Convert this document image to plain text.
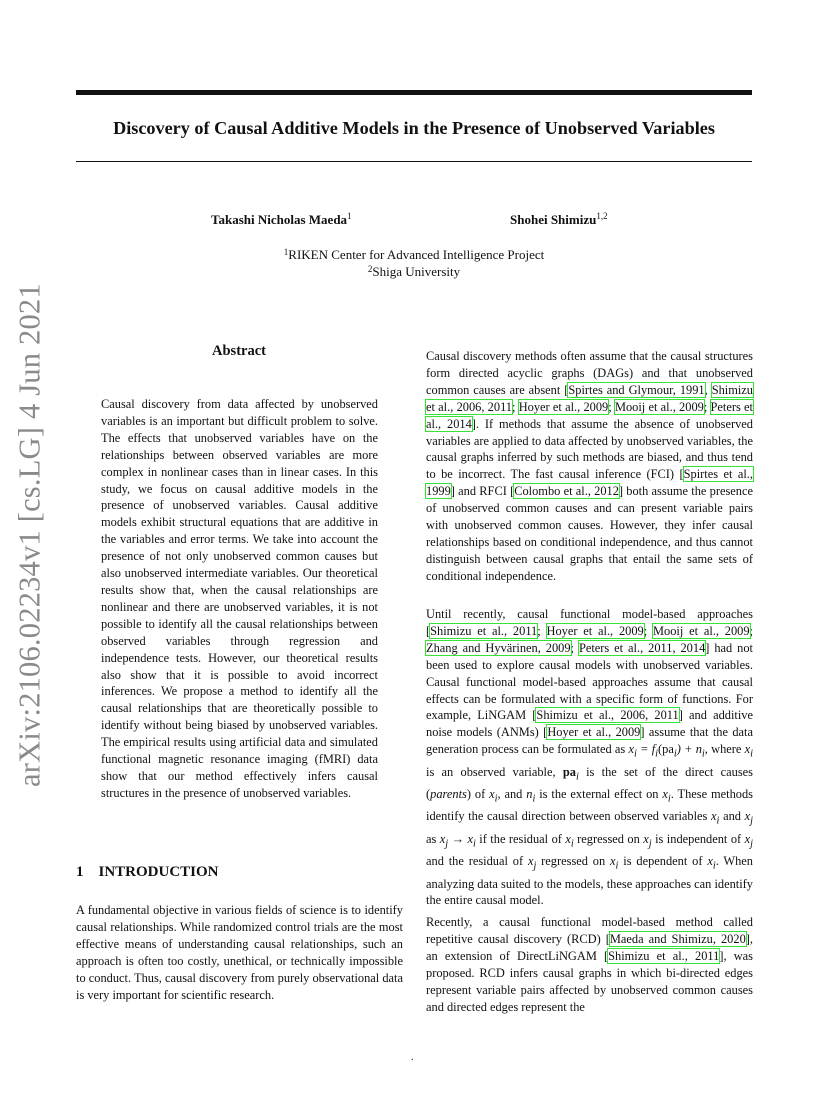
arXiv:2106.02234v1 [cs.LG] 4 Jun 2021
Discovery of Causal Additive Models in the Presence of Unobserved Variables
Takashi Nicholas Maeda$^1$	Shohei Shimizu$^{1,2}$
$^1$RIKEN Center for Advanced Intelligence Project
$^2$Shiga University
Abstract
Causal discovery from data affected by unobserved variables is an important but difficult problem to solve. The effects that unobserved variables have on the relationships between observed variables are more complex in nonlinear cases than in linear cases. In this study, we focus on causal additive models in the presence of unobserved variables. Causal additive models exhibit structural equations that are additive in the variables and error terms. We take into account the presence of not only unobserved common causes but also unobserved intermediate variables. Our theoretical results show that, when the causal relationships are nonlinear and there are unobserved variables, it is not possible to identify all the causal relationships between observed variables through regression and independence tests. However, our theoretical results also show that it is possible to avoid incorrect inferences. We propose a method to identify all the causal relationships that are theoretically possible to identify without being biased by unobserved variables. The empirical results using artificial data and simulated functional magnetic resonance imaging (fMRI) data show that our method effectively infers causal structures in the presence of unobserved variables.
1 INTRODUCTION
A fundamental objective in various fields of science is to identify causal relationships. While randomized control trials are the most effective means of understanding causal relationships, such an approach is often too costly, unethical, or technically impossible to conduct. Thus, causal discovery from purely observational data is very important for scientific research.
Causal discovery methods often assume that the causal structures form directed acyclic graphs (DAGs) and that unobserved common causes are absent [Spirtes and Glymour, 1991, Shimizu et al., 2006, 2011; Hoyer et al., 2009; Mooij et al., 2009; Peters et al., 2014]. If methods that assume the absence of unobserved variables are applied to data affected by unobserved variables, the causal graphs inferred by such methods are biased, and thus tend to be incorrect. The fast causal inference (FCI) [Spirtes et al., 1999] and RFCI [Colombo et al., 2012] both assume the presence of unobserved common causes and can present variable pairs with unobserved common causes. However, they infer causal relationships based on conditional independence, and thus cannot distinguish between causal graphs that entail the same sets of conditional independence.
Until recently, causal functional model-based approaches [Shimizu et al., 2011; Hoyer et al., 2009; Mooij et al., 2009; Zhang and Hyvärinen, 2009; Peters et al., 2011, 2014] had not been used to explore causal models with unobserved variables. Causal functional model-based approaches assume that causal effects can be formulated with a specific form of functions. For example, LiNGAM [Shimizu et al., 2006, 2011] and additive noise models (ANMs) [Hoyer et al., 2009] assume that the data generation process can be formulated as $x_i = f_i(pa_i) + n_i$, where $x_i$ is an observed variable, $pa_i$ is the set of the direct causes (parents) of $x_i$, and $n_i$ is the external effect on $x_i$. These methods identify the causal direction between observed variables $x_i$ and $x_j$ as $x_j \to x_i$ if the residual of $x_i$ regressed on $x_j$ is independent of $x_j$ and the residual of $x_j$ regressed on $x_i$ is dependent of $x_i$. When analyzing data suited to the models, these approaches can identify the entire causal model.
Recently, a causal functional model-based method called repetitive causal discovery (RCD) [Maeda and Shimizu, 2020], an extension of DirectLiNGAM [Shimizu et al., 2011], was proposed. RCD infers causal graphs in which bi-directed edges represent variable pairs affected by unobserved common causes and directed edges represent the
.
